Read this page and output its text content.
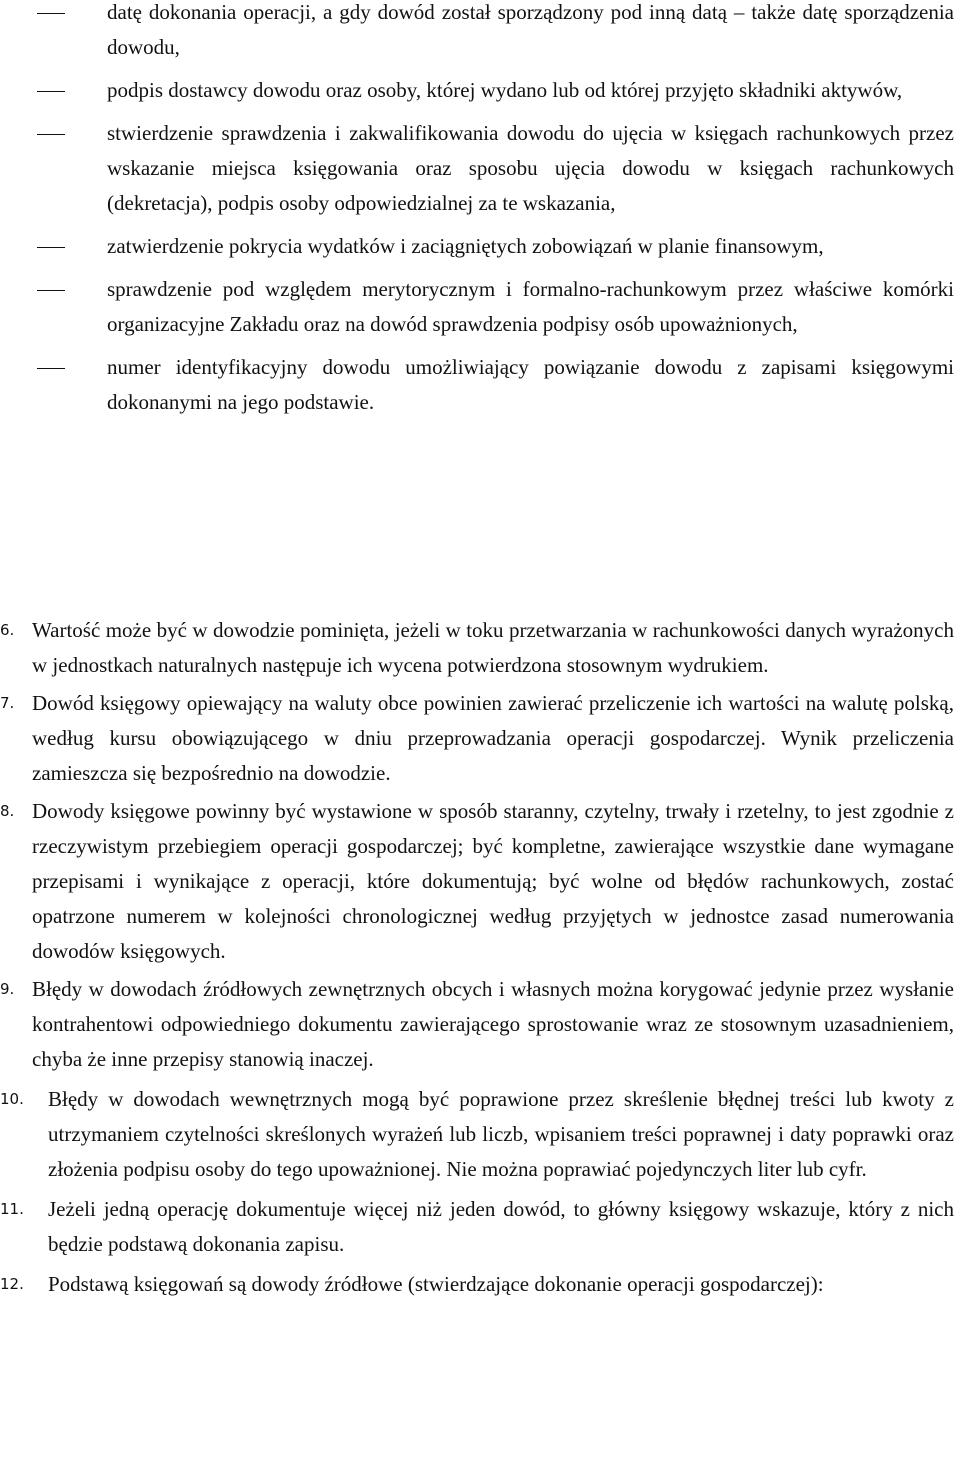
datę dokonania operacji, a gdy dowód został sporządzony pod inną datą – także datę sporządzenia dowodu,
podpis dostawcy dowodu oraz osoby, której wydano lub od której przyjęto składniki aktywów,
stwierdzenie sprawdzenia i zakwalifikowania dowodu do ujęcia w księgach rachunkowych przez wskazanie miejsca księgowania oraz sposobu ujęcia dowodu w księgach rachunkowych (dekretacja), podpis osoby odpowiedzialnej za te wskazania,
zatwierdzenie pokrycia wydatków i zaciągniętych zobowiązań w planie finansowym,
sprawdzenie pod względem merytorycznym i formalno-rachunkowym przez właściwe komórki organizacyjne Zakładu oraz na dowód sprawdzenia podpisy osób upoważnionych,
numer identyfikacyjny dowodu umożliwiający powiązanie dowodu z zapisami księgowymi dokonanymi na jego podstawie.
6. Wartość może być w dowodzie pominięta, jeżeli w toku przetwarzania w rachunkowości danych wyrażonych w jednostkach naturalnych następuje ich wycena potwierdzona stosownym wydrukiem.
7. Dowód księgowy opiewający na waluty obce powinien zawierać przeliczenie ich wartości na walutę polską, według kursu obowiązującego w dniu przeprowadzania operacji gospodarczej. Wynik przeliczenia zamieszcza się bezpośrednio na dowodzie.
8. Dowody księgowe powinny być wystawione w sposób staranny, czytelny, trwały i rzetelny, to jest zgodnie z rzeczywistym przebiegiem operacji gospodarczej; być kompletne, zawierające wszystkie dane wymagane przepisami i wynikające z operacji, które dokumentują; być wolne od błędów rachunkowych, zostać opatrzone numerem w kolejności chronologicznej według przyjętych w jednostce zasad numerowania dowodów księgowych.
9. Błędy w dowodach źródłowych zewnętrznych obcych i własnych można korygować jedynie przez wysłanie kontrahentowi odpowiedniego dokumentu zawierającego sprostowanie wraz ze stosownym uzasadnieniem, chyba że inne przepisy stanowią inaczej.
10. Błędy w dowodach wewnętrznych mogą być poprawione przez skreślenie błędnej treści lub kwoty z utrzymaniem czytelności skreślonych wyrażeń lub liczb, wpisaniem treści poprawnej i daty poprawki oraz złożenia podpisu osoby do tego upoważnionej. Nie można poprawiać pojedynczych liter lub cyfr.
11. Jeżeli jedną operację dokumentuje więcej niż jeden dowód, to główny księgowy wskazuje, który z nich będzie podstawą dokonania zapisu.
12. Podstawą księgowań są dowody źródłowe (stwierdzające dokonanie operacji gospodarczej):
